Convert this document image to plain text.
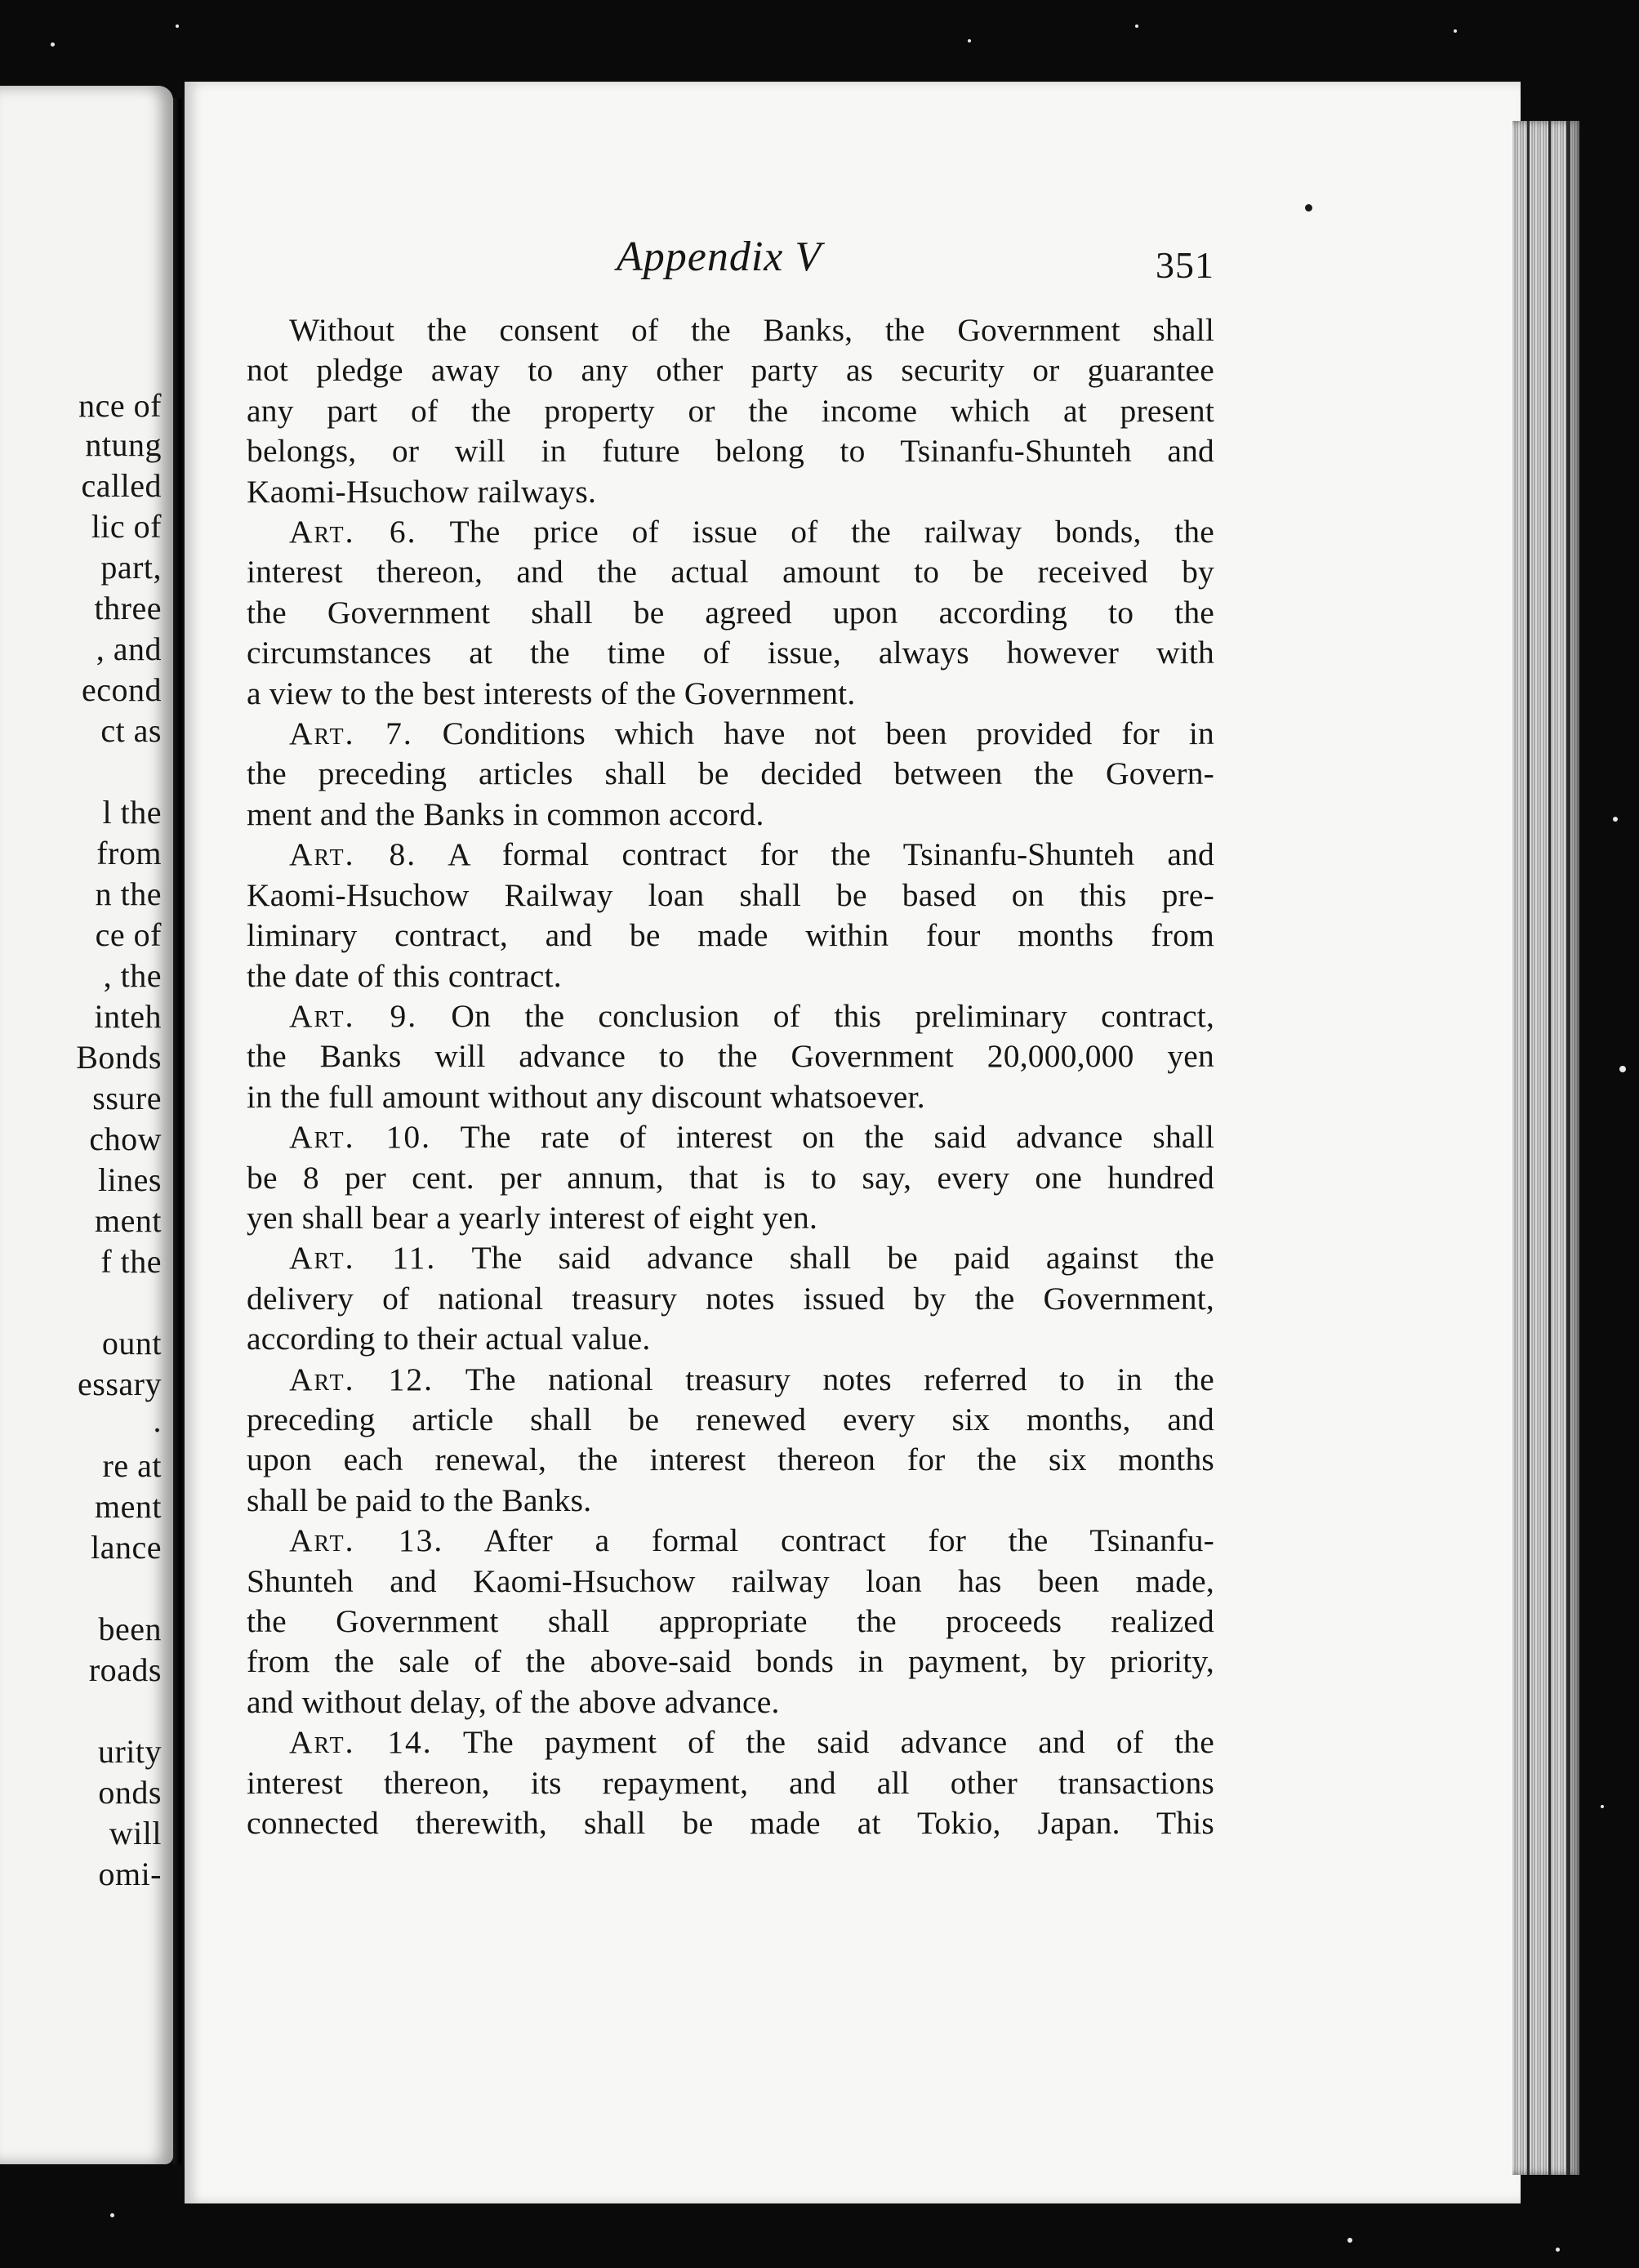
nce of
ntung
called
lic of
part,
three
, and
econd
ct as
l the
from
n the
ce of
, the
inteh
Bonds
ssure
chow
lines
ment
f the
ount
essary
.
re at
ment
lance
been
roads
urity
onds
will
omi-
Appendix V	351
Without the consent of the Banks, the Government shall
not pledge away to any other party as security or guarantee
any part of the property or the income which at present
belongs, or will in future belong to Tsinanfu-Shunteh and
Kaomi-Hsuchow railways.
Art. 6. The price of issue of the railway bonds, the
interest thereon, and the actual amount to be received by
the Government shall be agreed upon according to the
circumstances at the time of issue, always however with
a view to the best interests of the Government.
Art. 7. Conditions which have not been provided for in
the preceding articles shall be decided between the Govern-
ment and the Banks in common accord.
Art. 8. A formal contract for the Tsinanfu-Shunteh and
Kaomi-Hsuchow Railway loan shall be based on this pre-
liminary contract, and be made within four months from
the date of this contract.
Art. 9. On the conclusion of this preliminary contract,
the Banks will advance to the Government 20,000,000 yen
in the full amount without any discount whatsoever.
Art. 10. The rate of interest on the said advance shall
be 8 per cent. per annum, that is to say, every one hundred
yen shall bear a yearly interest of eight yen.
Art. 11. The said advance shall be paid against the
delivery of national treasury notes issued by the Government,
according to their actual value.
Art. 12. The national treasury notes referred to in the
preceding article shall be renewed every six months, and
upon each renewal, the interest thereon for the six months
shall be paid to the Banks.
Art. 13. After a formal contract for the Tsinanfu-
Shunteh and Kaomi-Hsuchow railway loan has been made,
the Government shall appropriate the proceeds realized
from the sale of the above-said bonds in payment, by priority,
and without delay, of the above advance.
Art. 14. The payment of the said advance and of the
interest thereon, its repayment, and all other transactions
connected therewith, shall be made at Tokio, Japan. This
